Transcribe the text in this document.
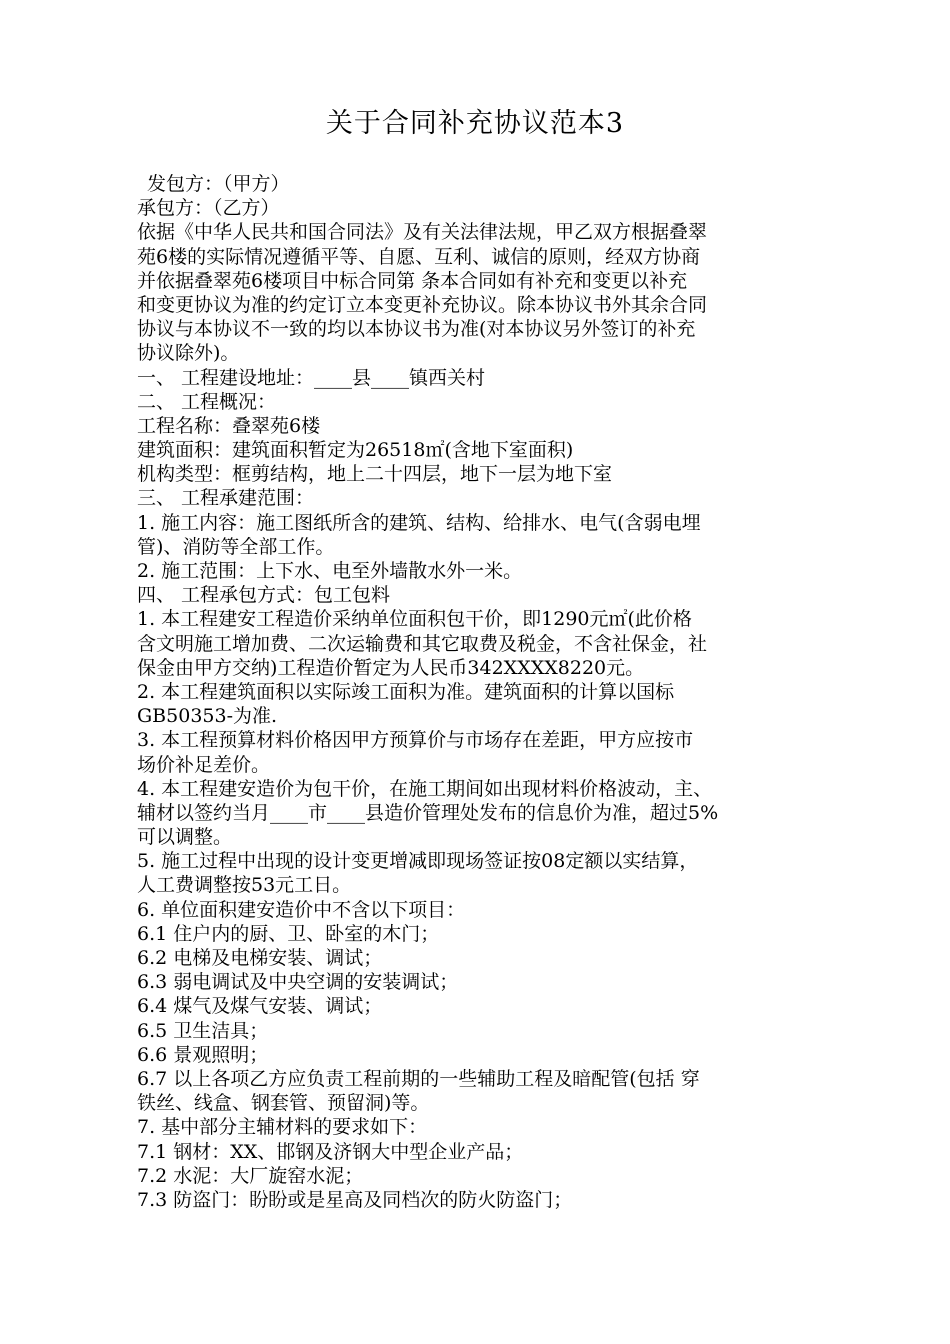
关于合同补充协议范本3
发包方：（甲方）
承包方：（乙方）
依据《中华人民共和国合同法》及有关法律法规，甲乙双方根据叠翠
苑6楼的实际情况遵循平等、自愿、互利、诚信的原则，经双方协商
并依据叠翠苑6楼项目中标合同第 条本合同如有补充和变更以补充
和变更协议为准的约定订立本变更补充协议。除本协议书外其余合同
协议与本协议不一致的均以本协议书为准(对本协议另外签订的补充
协议除外)。
一、 工程建设地址：____县____镇西关村
二、 工程概况：
工程名称：叠翠苑6楼
建筑面积：建筑面积暂定为26518㎡(含地下室面积)
机构类型：框剪结构，地上二十四层，地下一层为地下室
三、 工程承建范围：
1. 施工内容：施工图纸所含的建筑、结构、给排水、电气(含弱电埋
管)、消防等全部工作。
2. 施工范围：上下水、电至外墙散水外一米。
四、 工程承包方式：包工包料
1. 本工程建安工程造价采纳单位面积包干价，即1290元㎡(此价格
含文明施工增加费、二次运输费和其它取费及税金，不含社保金，社
保金由甲方交纳)工程造价暂定为人民币342XXXX8220元。
2. 本工程建筑面积以实际竣工面积为准。建筑面积的计算以国标
GB50353-为准.
3. 本工程预算材料价格因甲方预算价与市场存在差距，甲方应按市
场价补足差价。
4. 本工程建安造价为包干价，在施工期间如出现材料价格波动，主、
辅材以签约当月____市____县造价管理处发布的信息价为准，超过5%
可以调整。
5. 施工过程中出现的设计变更增减即现场签证按08定额以实结算，
人工费调整按53元工日。
6. 单位面积建安造价中不含以下项目：
6.1 住户内的厨、卫、卧室的木门；
6.2 电梯及电梯安装、调试；
6.3 弱电调试及中央空调的安装调试；
6.4 煤气及煤气安装、调试；
6.5 卫生洁具；
6.6 景观照明；
6.7 以上各项乙方应负责工程前期的一些辅助工程及暗配管(包括 穿
铁丝、线盒、钢套管、预留洞)等。
7. 基中部分主辅材料的要求如下：
7.1 钢材：XX、邯钢及济钢大中型企业产品；
7.2 水泥：大厂旋窑水泥；
7.3 防盗门：盼盼或是星高及同档次的防火防盗门；
